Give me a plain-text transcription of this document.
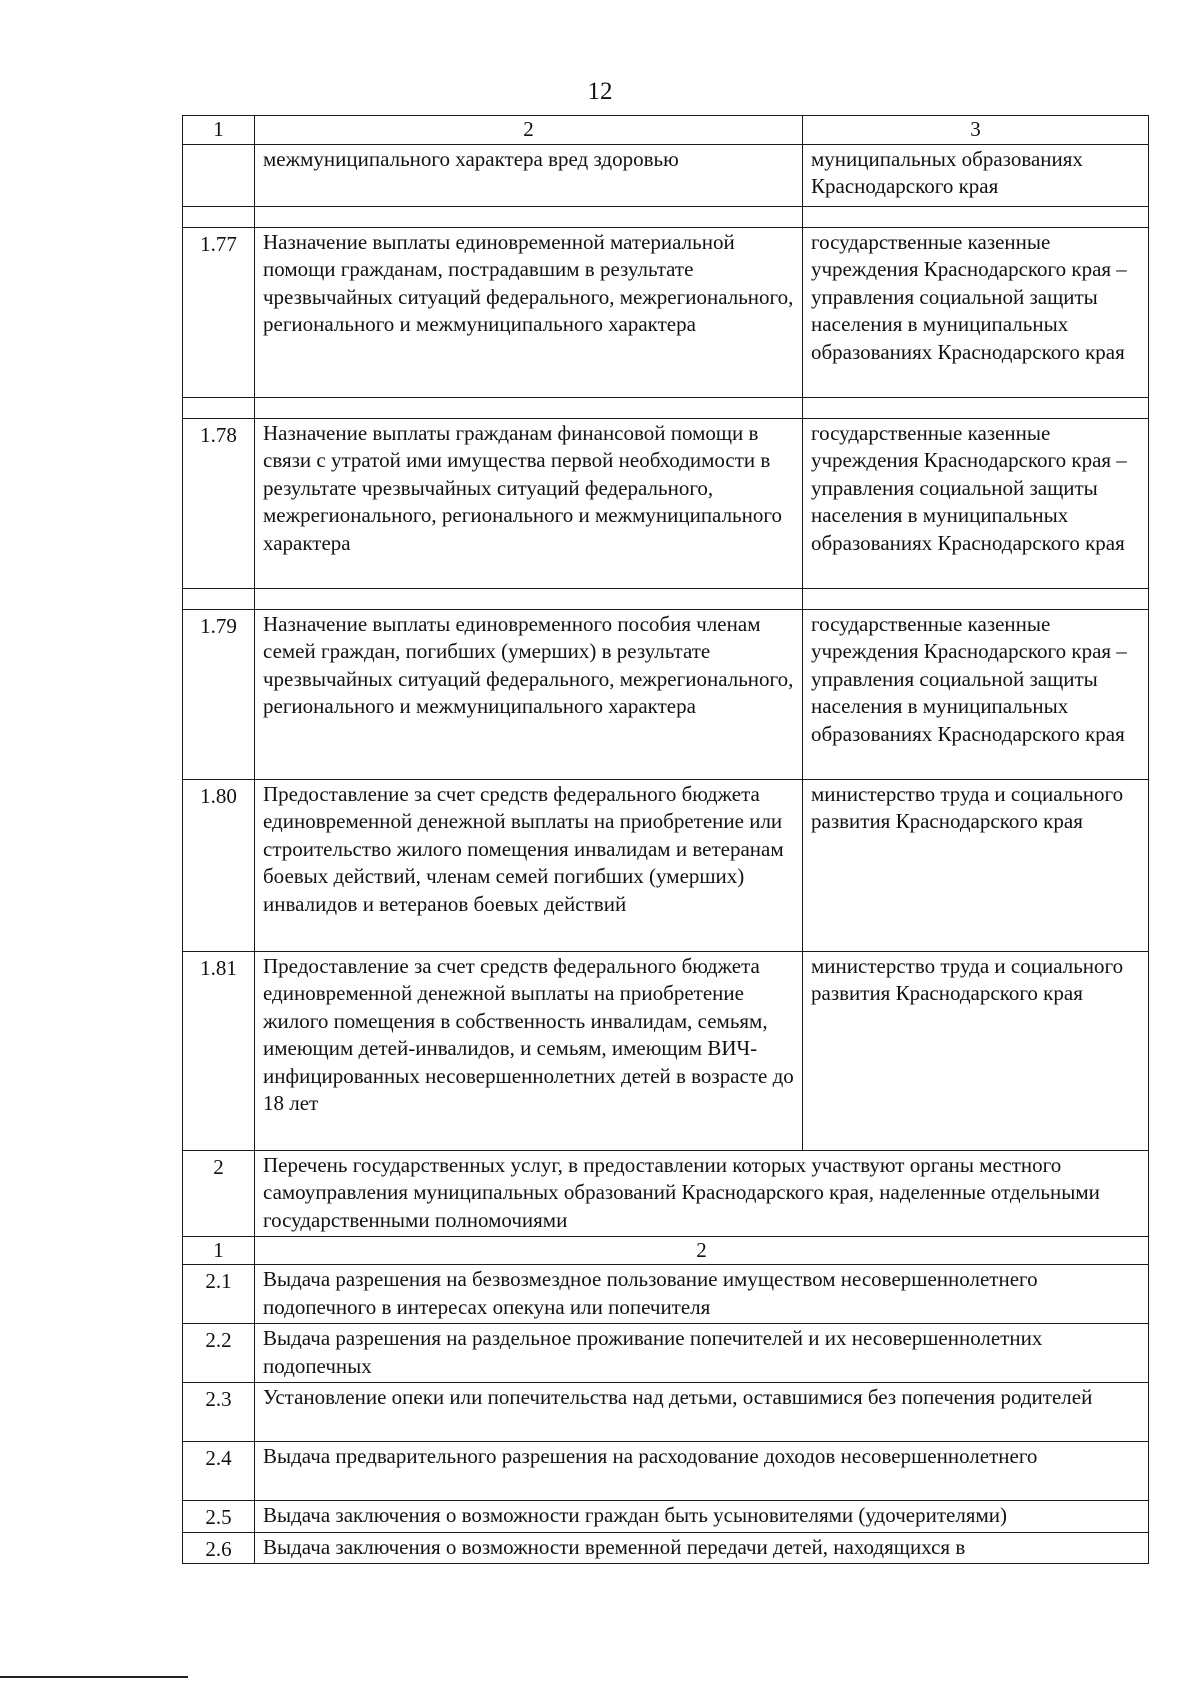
12
1	2	3
	межмуниципального характера вред здоровью	муниципальных образованиях Краснодарского края

1.77	Назначение выплаты единовременной материальной помощи гражданам, пострадавшим в результате чрезвычайных ситуаций федерального, межрегионального, регионального и межмуниципального характера	государственные казенные учреждения Краснодарского края – управления социальной защиты населения в муниципальных образованиях Краснодарского края

1.78	Назначение выплаты гражданам финансовой помощи в связи с утратой ими имущества первой необходимости в результате чрезвычайных ситуаций федерального, межрегионального, регионального и межмуниципального характера	государственные казенные учреждения Краснодарского края – управления социальной защиты населения в муниципальных образованиях Краснодарского края

1.79	Назначение выплаты единовременного пособия членам семей граждан, погибших (умерших) в результате чрезвычайных ситуаций федерального, межрегионального, регионального и межмуниципального характера	государственные казенные учреждения Краснодарского края – управления социальной защиты населения в муниципальных образованиях Краснодарского края
1.80	Предоставление за счет средств федерального бюджета единовременной денежной выплаты на приобретение или строительство жилого помещения инвалидам и ветеранам боевых действий, членам семей погибших (умерших) инвалидов и ветеранов боевых действий	министерство труда и социального развития Краснодарского края
1.81	Предоставление за счет средств федерального бюджета единовременной денежной выплаты на приобретение жилого помещения в собственность инвалидам, семьям, имеющим детей-инвалидов, и семьям, имеющим ВИЧ-инфицированных несовершеннолетних детей в возрасте до 18 лет	министерство труда и социального развития Краснодарского края
2	Перечень государственных услуг, в предоставлении которых участвуют органы местного самоуправления муниципальных образований Краснодарского края, наделенные отдельными государственными полномочиями	
1	2	
2.1	Выдача разрешения на безвозмездное пользование имуществом несовершеннолетнего подопечного в интересах опекуна или попечителя	
2.2	Выдача разрешения на раздельное проживание попечителей и их несовершеннолетних подопечных	
2.3	Установление опеки или попечительства над детьми, оставшимися без попечения родителей	
2.4	Выдача предварительного разрешения на расходование доходов несовершеннолетнего	
2.5	Выдача заключения о возможности граждан быть усыновителями (удочерителями)	
2.6	Выдача заключения о возможности временной передачи детей, находящихся в	
